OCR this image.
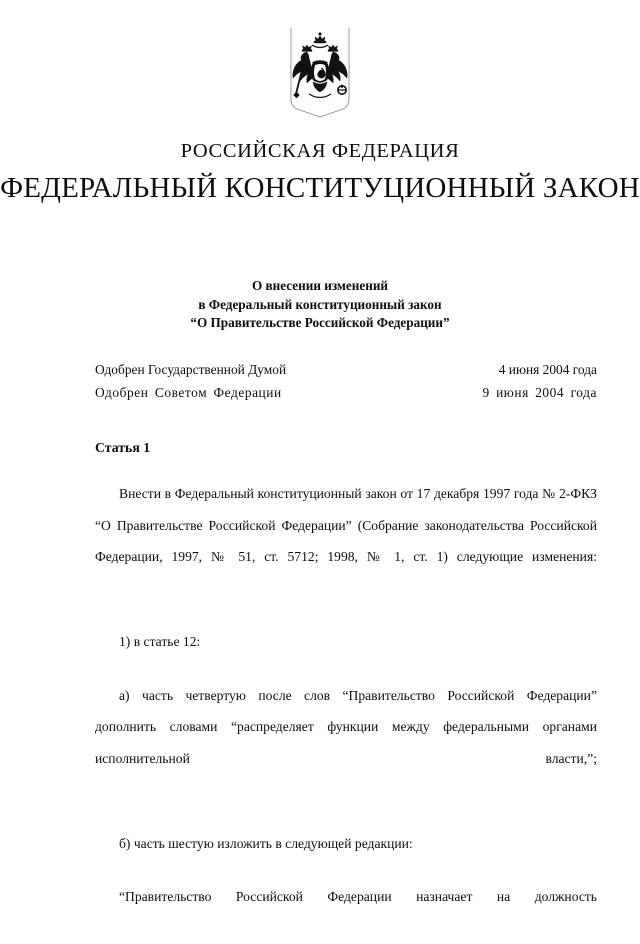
РОССИЙСКАЯ ФЕДЕРАЦИЯ
ФЕДЕРАЛЬНЫЙ КОНСТИТУЦИОННЫЙ ЗАКОН
О внесении изменений
в Федеральный конституционный закон
“О Правительстве Российской Федерации”
Одобрен Государственной Думой	4 июня 2004 года
Одобрен Советом Федерации	9 июня 2004 года
Статья 1

Внести в Федеральный конституционный закон от 17 декабря 1997 года № 2-ФКЗ “О Правительстве Российской Федерации” (Собрание законодательства Российской Федерации, 1997, № 51, ст. 5712; 1998, № 1, ст. 1) следующие изменения:

1) в статье 12:

а) часть четвертую после слов “Правительство Российской Федерации” дополнить словами “распределяет функции между федеральными органами исполнительной власти,”;

б) часть шестую изложить в следующей редакции:

“Правительство Российской Федерации назначает на должность
